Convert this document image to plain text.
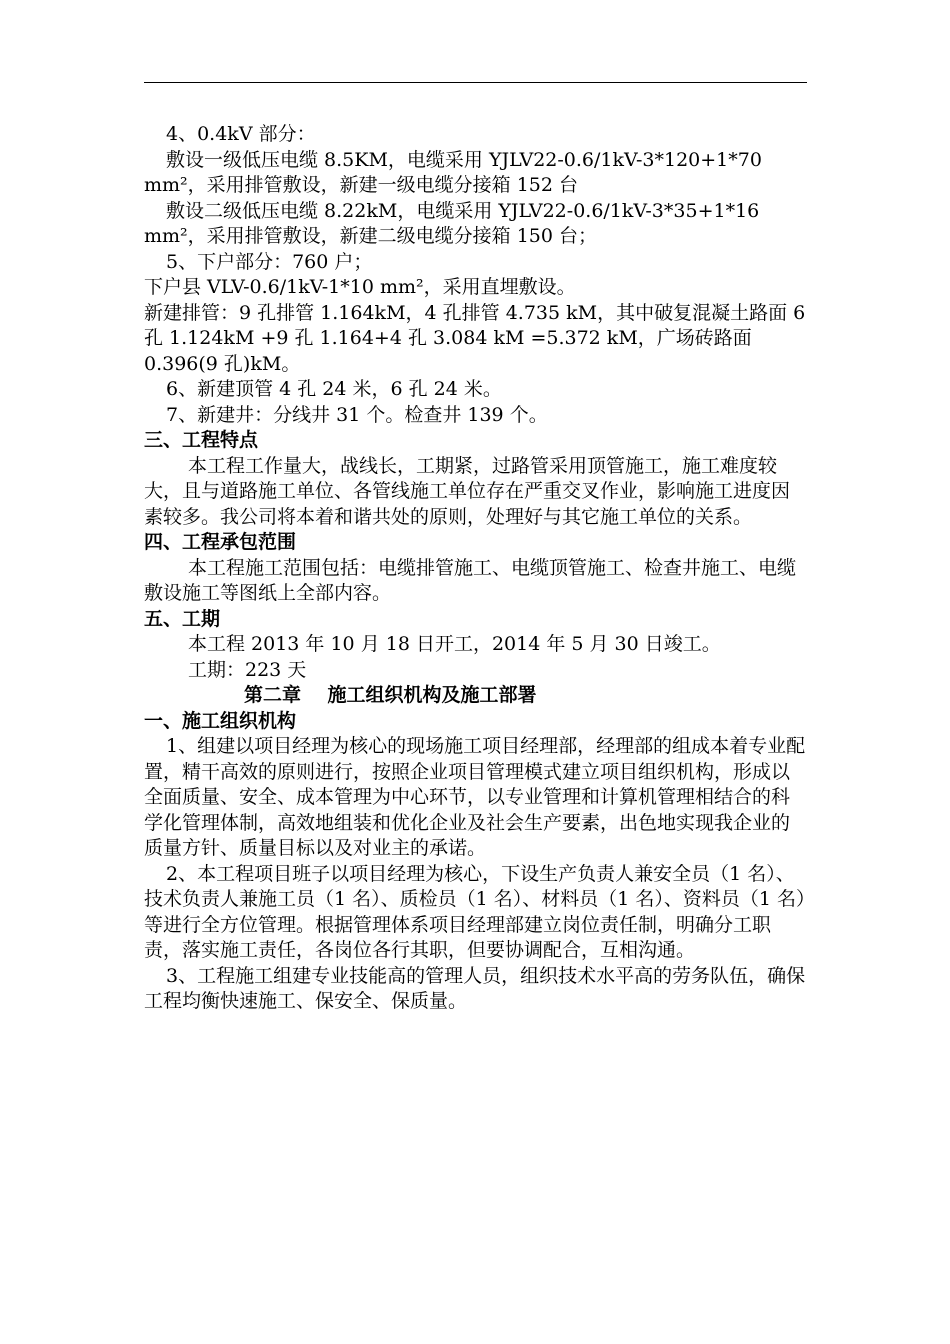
4、0.4kV 部分：

敷设一级低压电缆 8.5KM，电缆采用 YJLV22-0.6/1kV-3*120+1*70 mm²，采用排管敷设，新建一级电缆分接箱 152 台

敷设二级低压电缆 8.22kM，电缆采用 YJLV22-0.6/1kV-3*35+1*16 mm²，采用排管敷设，新建二级电缆分接箱 150 台；

5、下户部分：760 户；

下户县 VLV-0.6/1kV-1*10 mm²，采用直埋敷设。

新建排管：9 孔排管 1.164kM，4 孔排管 4.735 kM，其中破复混凝土路面 6 孔 1.124kM +9 孔 1.164+4 孔 3.084 kM =5.372 kM，广场砖路面 0.396(9 孔)kM。

6、新建顶管 4 孔 24 米，6 孔 24 米。

7、新建井：分线井 31 个。检查井 139 个。

三、工程特点

本工程工作量大，战线长，工期紧，过路管采用顶管施工，施工难度较大，且与道路施工单位、各管线施工单位存在严重交叉作业，影响施工进度因素较多。我公司将本着和谐共处的原则，处理好与其它施工单位的关系。

四、工程承包范围

本工程施工范围包括：电缆排管施工、电缆顶管施工、检查井施工、电缆敷设施工等图纸上全部内容。

五、工期

本工程 2013 年 10 月 18 日开工，2014 年 5 月 30 日竣工。

工期：223 天

第二章    施工组织机构及施工部署

一、施工组织机构

1、组建以项目经理为核心的现场施工项目经理部，经理部的组成本着专业配置，精干高效的原则进行，按照企业项目管理模式建立项目组织机构，形成以全面质量、安全、成本管理为中心环节，以专业管理和计算机管理相结合的科学化管理体制，高效地组装和优化企业及社会生产要素，出色地实现我企业的质量方针、质量目标以及对业主的承诺。

2、本工程项目班子以项目经理为核心，下设生产负责人兼安全员（1 名）、技术负责人兼施工员（1 名）、质检员（1 名）、材料员（1 名）、资料员（1 名）等进行全方位管理。根据管理体系项目经理部建立岗位责任制，明确分工职责，落实施工责任，各岗位各行其职，但要协调配合，互相沟通。

3、工程施工组建专业技能高的管理人员，组织技术水平高的劳务队伍，确保工程均衡快速施工、保安全、保质量。
